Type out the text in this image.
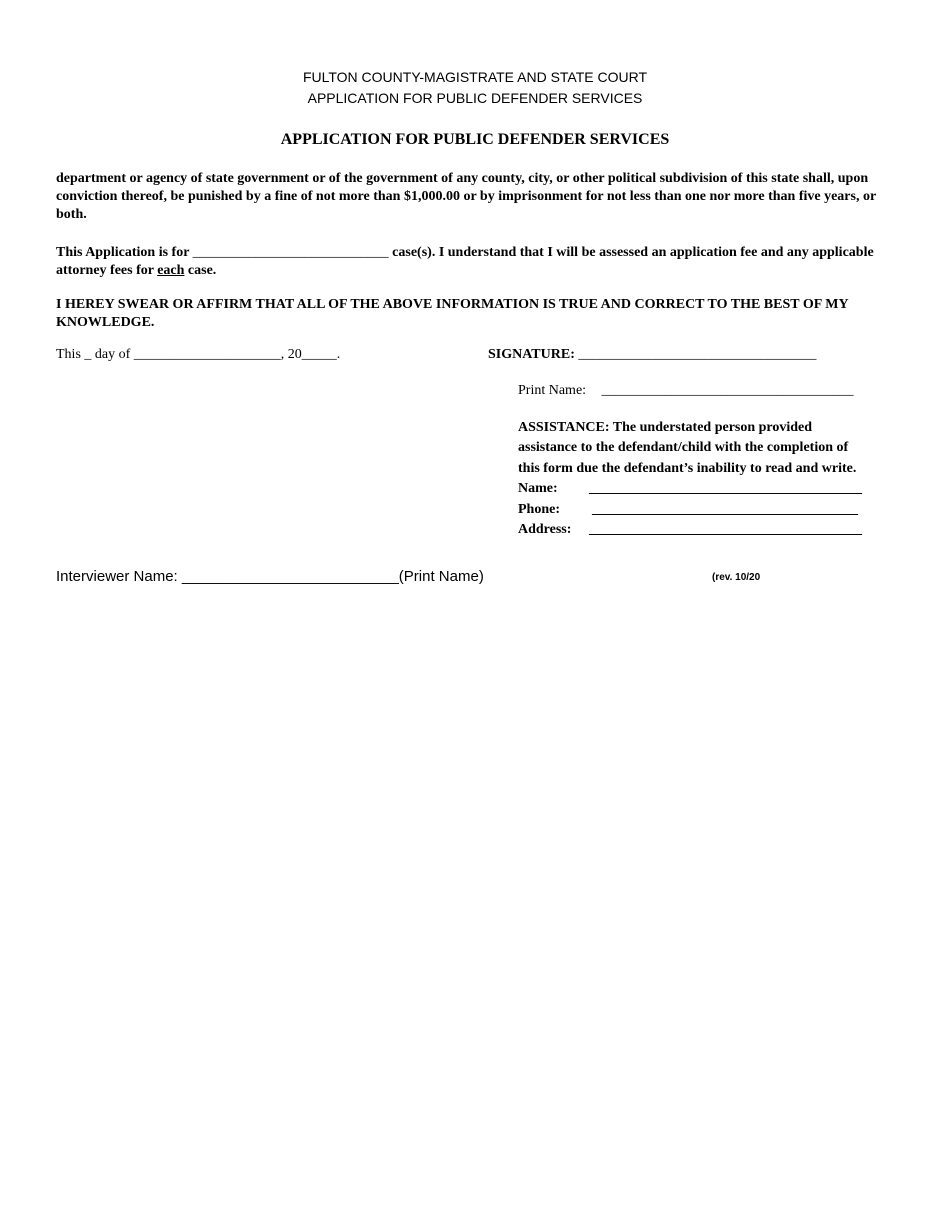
FULTON COUNTY-MAGISTRATE AND STATE COURT
APPLICATION FOR PUBLIC DEFENDER SERVICES
APPLICATION FOR PUBLIC DEFENDER SERVICES
department or agency of state government or of the government of any county, city, or other political subdivision of this state shall, upon conviction thereof, be punished by a fine of not more than $1,000.00 or by imprisonment for not less than one nor more than five years, or both.
This Application is for ____________________________ case(s). I understand that I will be assessed an application fee and any applicable attorney fees for each case.
I HEREY SWEAR OR AFFIRM THAT ALL OF THE ABOVE INFORMATION IS TRUE AND CORRECT TO THE BEST OF MY KNOWLEDGE.
This _ day of _____________________, 20_____.	SIGNATURE: __________________________________
Print Name: ____________________________________
ASSISTANCE: The understated person provided
assistance to the defendant/child with the completion of
this form due the defendant’s inability to read and write.
Name: _______________________________________
Phone: ______________________________________
Address: _______________________________________
Interviewer Name: __________________________(Print Name)	(rev. 10/20
